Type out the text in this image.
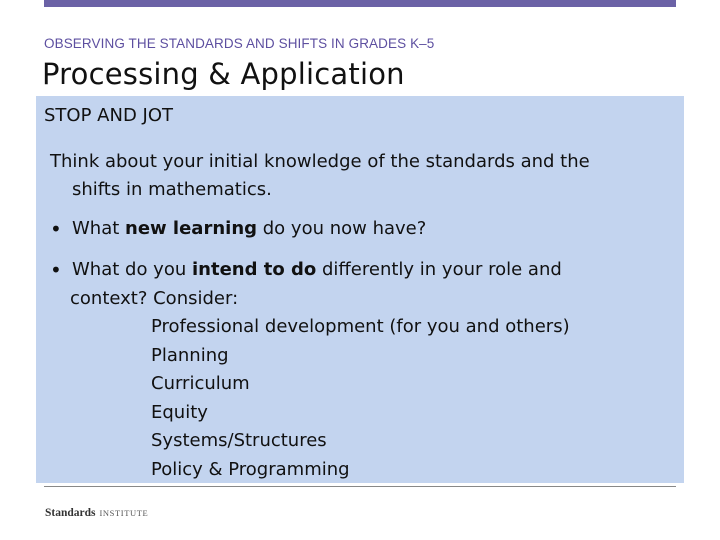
OBSERVING THE STANDARDS AND SHIFTS IN GRADES K–5
Processing & Application
STOP AND JOT
Think about your initial knowledge of the standards and the
shifts in mathematics.
• What new learning do you now have?
• What do you intend to do differently in your role and
context? Consider:
Professional development (for you and others)
Planning
Curriculum
Equity
Systems/Structures
Policy & Programming
Standards INSTITUTE
